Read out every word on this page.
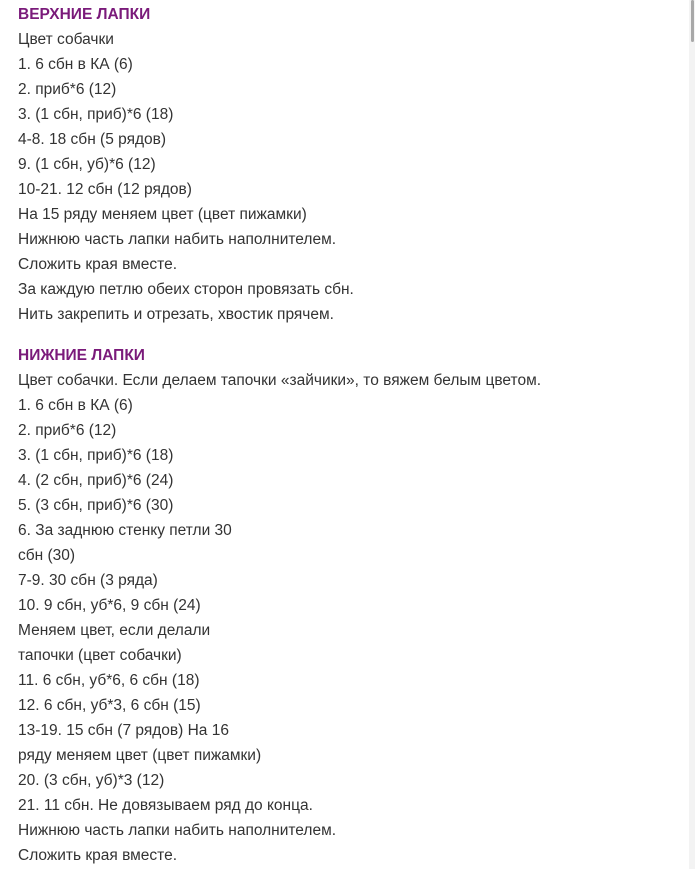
ВЕРХНИЕ ЛАПКИ
Цвет собачки
1. 6 сбн в КА (6)
2. приб*6 (12)
3. (1 сбн, приб)*6 (18)
4-8. 18 сбн (5 рядов)
9. (1 сбн, уб)*6 (12)
10-21. 12 сбн (12 рядов)
На 15 ряду меняем цвет (цвет пижамки)
Нижнюю часть лапки набить наполнителем.
Сложить края вместе.
За каждую петлю обеих сторон провязать сбн.
Нить закрепить и отрезать, хвостик прячем.
НИЖНИЕ ЛАПКИ
Цвет собачки. Если делаем тапочки «зайчики», то вяжем белым цветом.
1. 6 сбн в КА (6)
2. приб*6 (12)
3. (1 сбн, приб)*6 (18)
4. (2 сбн, приб)*6 (24)
5. (3 сбн, приб)*6 (30)
6. За заднюю стенку петли 30
сбн (30)
7-9. 30 сбн (3 ряда)
10. 9 сбн, уб*6, 9 сбн (24)
Меняем цвет, если делали
тапочки (цвет собачки)
11. 6 сбн, уб*6, 6 сбн (18)
12. 6 сбн, уб*3, 6 сбн (15)
13-19. 15 сбн (7 рядов) На 16
ряду меняем цвет (цвет пижамки)
20. (3 сбн, уб)*3 (12)
21. 11 сбн. Не довязываем ряд до конца.
Нижнюю часть лапки набить наполнителем.
Сложить края вместе.
